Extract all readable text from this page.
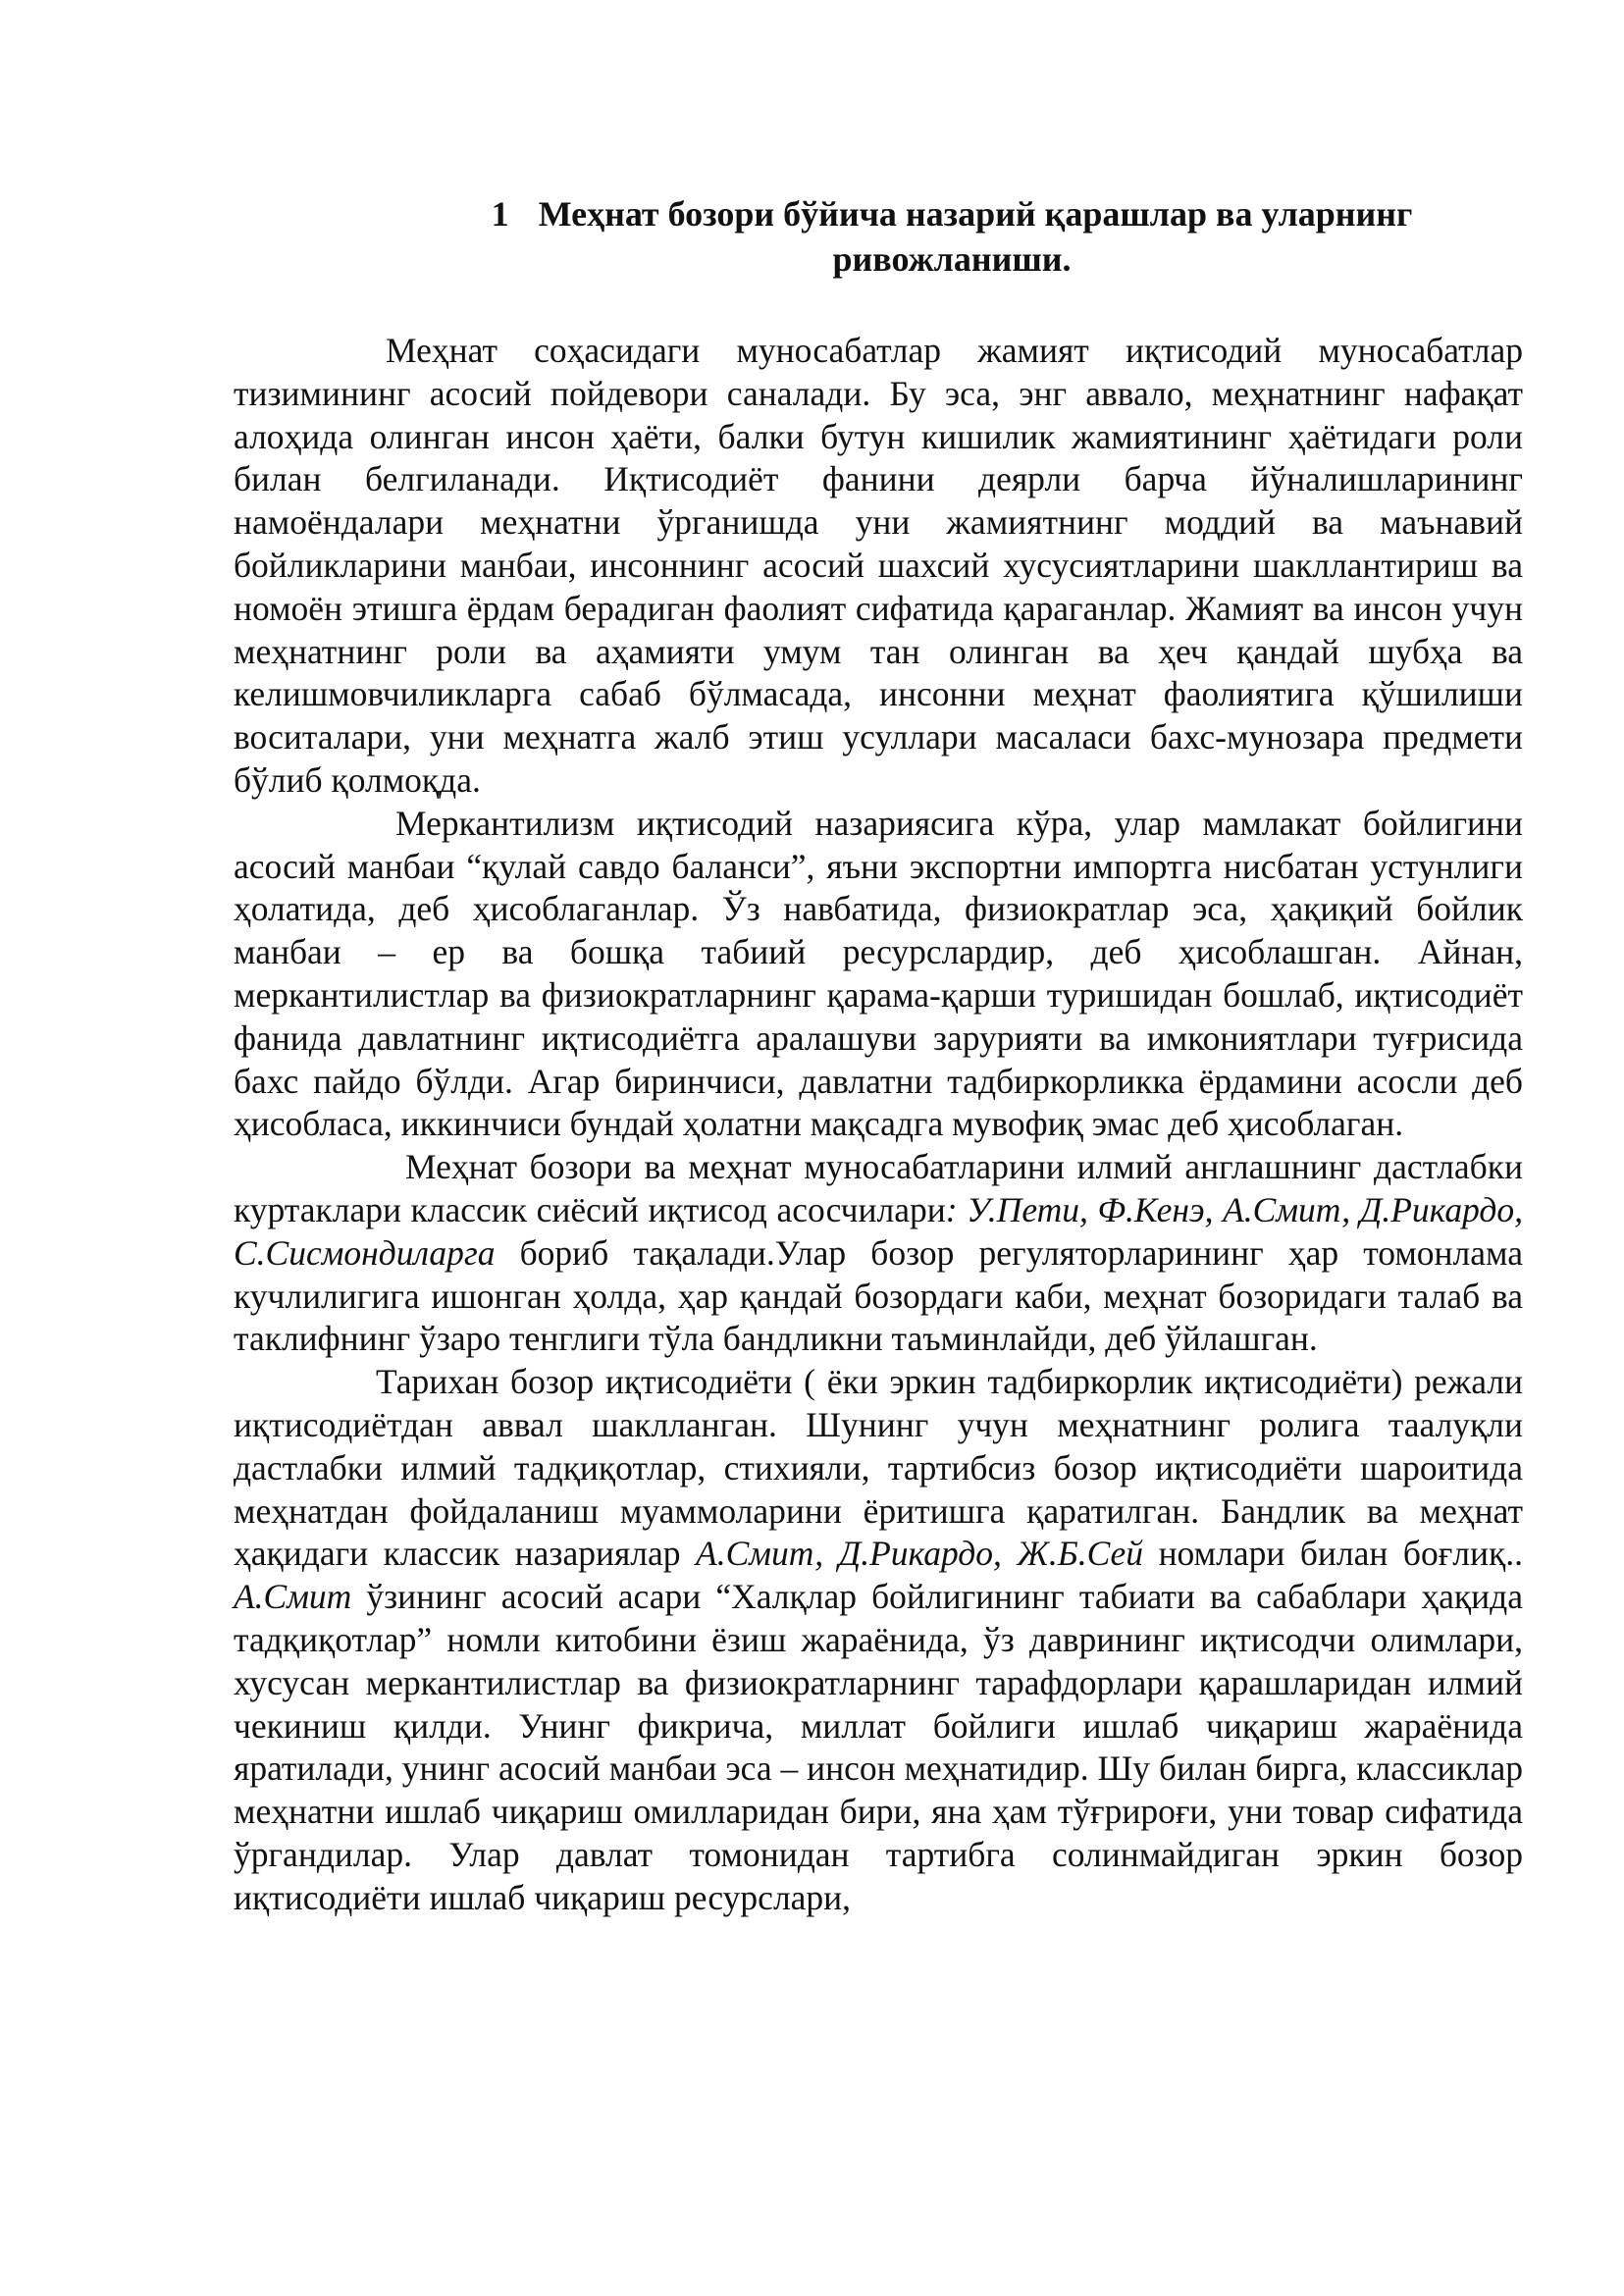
1 Меҳнат бозори бўйича назарий қарашлар ва уларнинг ривожланиши.

Меҳнат соҳасидаги муносабатлар жамият иқтисодий муносабатлар тизимининг асосий пойдевори саналади. Бу эса, энг аввало, меҳнатнинг нафақат алоҳида олинган инсон ҳаёти, балки бутун кишилик жамиятининг ҳаётидаги роли билан белгиланади. Иқтисодиёт фанини деярли барча йўналишларининг намоёндалари меҳнатни ўрганишда уни жамиятнинг моддий ва маънавий бойликларини манбаи, инсоннинг асосий шахсий хусусиятларини шакллантириш ва номоён этишга ёрдам берадиган фаолият сифатида қараганлар. Жамият ва инсон учун меҳнатнинг роли ва аҳамияти умум тан олинган ва ҳеч қандай шубҳа ва келишмовчиликларга сабаб бўлмасада, инсонни меҳнат фаолиятига қўшилиши воситалари, уни меҳнатга жалб этиш усуллари масаласи бахс-мунозара предмети бўлиб қолмоқда.

Меркантилизм иқтисодий назариясига кўра, улар мамлакат бойлигини асосий манбаи “қулай савдо баланси”, яъни экспортни импортга нисбатан устунлиги ҳолатида, деб ҳисоблаганлар. Ўз навбатида, физиократлар эса, ҳақиқий бойлик манбаи – ер ва бошқа табиий ресурслардир, деб ҳисоблашган. Айнан, меркантилистлар ва физиократларнинг қарама-қарши туришидан бошлаб, иқтисодиёт фанида давлатнинг иқтисодиётга аралашуви зарурияти ва имкониятлари туғрисида бахс пайдо бўлди. Агар биринчиси, давлатни тадбиркорликка ёрдамини асосли деб ҳисобласа, иккинчиси бундай ҳолатни мақсадга мувофиқ эмас деб ҳисоблаган.

Меҳнат бозори ва меҳнат муносабатларини илмий англашнинг дастлабки куртаклари классик сиёсий иқтисод асосчилари: У.Пети, Ф.Кенэ, А.Смит, Д.Рикардо, С.Сисмондиларга бориб тақалади.Улар бозор регуляторларининг ҳар томонлама кучлилигига ишонган ҳолда, ҳар қандай бозордаги каби, меҳнат бозоридаги талаб ва таклифнинг ўзаро тенглиги тўла бандликни таъминлайди, деб ўйлашган.

Тарихан бозор иқтисодиёти ( ёки эркин тадбиркорлик иқтисодиёти) режали иқтисодиётдан аввал шаклланган. Шунинг учун меҳнатнинг ролига таалуқли дастлабки илмий тадқиқотлар, стихияли, тартибсиз бозор иқтисодиёти шароитида меҳнатдан фойдаланиш муаммоларини ёритишга қаратилган. Бандлик ва меҳнат ҳақидаги классик назариялар А.Смит, Д.Рикардо, Ж.Б.Сей номлари билан боғлиқ.. А.Смит ўзининг асосий асари “Халқлар бойлигининг табиати ва сабаблари ҳақида тадқиқотлар” номли китобини ёзиш жараёнида, ўз даврининг иқтисодчи олимлари, хусусан меркантилистлар ва физиократларнинг тарафдорлари қарашларидан илмий чекиниш қилди. Унинг фикрича, миллат бойлиги ишлаб чиқариш жараёнида яратилади, унинг асосий манбаи эса – инсон меҳнатидир. Шу билан бирга, классиклар меҳнатни ишлаб чиқариш омилларидан бири, яна ҳам тўғрироғи, уни товар сифатида ўргандилар. Улар давлат томонидан тартибга солинмайдиган эркин бозор иқтисодиёти ишлаб чиқариш ресурслари,
